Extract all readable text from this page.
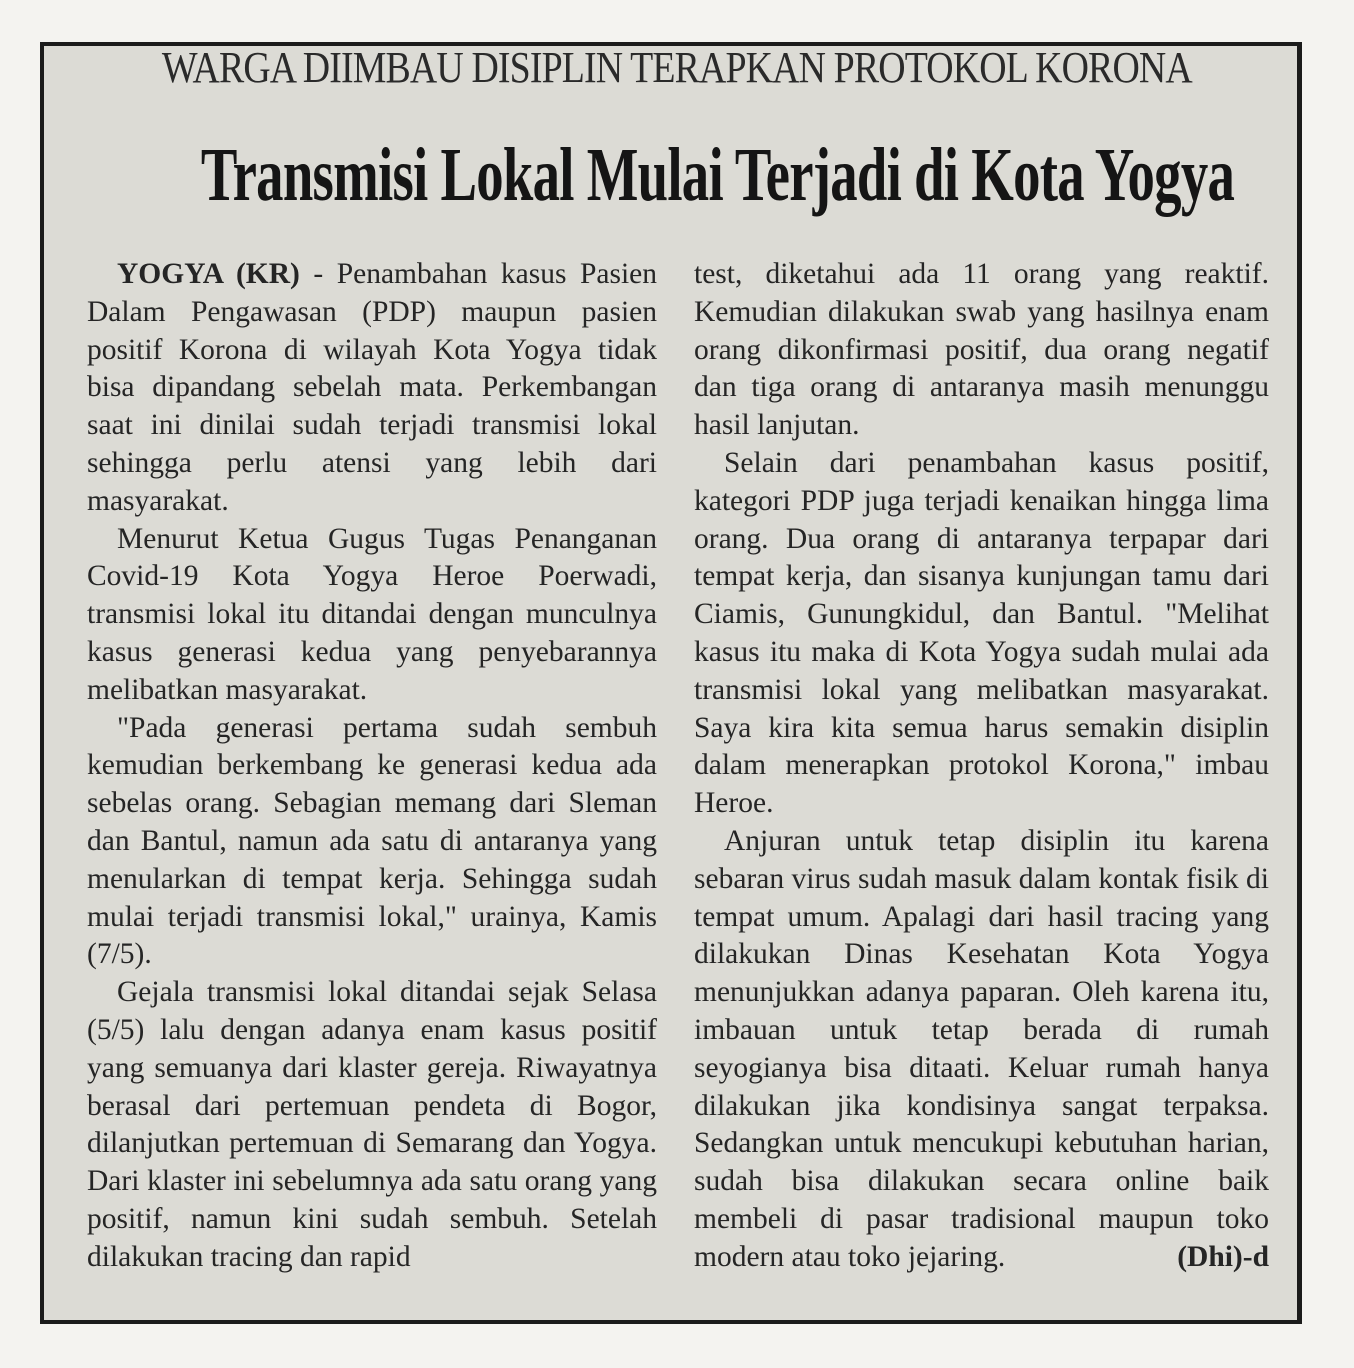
WARGA DIIMBAU DISIPLIN TERAPKAN PROTOKOL KORONA
Transmisi Lokal Mulai Terjadi di Kota Yogya

YOGYA (KR) - Penambahan kasus Pasien Dalam Pengawasan (PDP) maupun pasien positif Korona di wilayah Kota Yogya tidak bisa dipandang sebelah mata. Perkembangan saat ini dinilai sudah terjadi transmisi lokal sehingga perlu atensi yang lebih dari masyarakat.

Menurut Ketua Gugus Tugas Penanganan Covid-19 Kota Yogya Heroe Poerwadi, transmisi lokal itu ditandai dengan munculnya kasus generasi kedua yang penyebarannya melibatkan masyarakat.

"Pada generasi pertama sudah sembuh kemudian berkembang ke generasi kedua ada sebelas orang. Sebagian memang dari Sleman dan Bantul, namun ada satu di antaranya yang menularkan di tempat kerja. Sehingga sudah mulai terjadi transmisi lokal," urainya, Kamis (7/5).

Gejala transmisi lokal ditandai sejak Selasa (5/5) lalu dengan adanya enam kasus positif yang semuanya dari klaster gereja. Riwayatnya berasal dari pertemuan pendeta di Bogor, dilanjutkan pertemuan di Semarang dan Yogya. Dari klaster ini sebelumnya ada satu orang yang positif, namun kini sudah sembuh. Setelah dilakukan tracing dan rapid

test, diketahui ada 11 orang yang reaktif. Kemudian dilakukan swab yang hasilnya enam orang dikonfirmasi positif, dua orang negatif dan tiga orang di antaranya masih menunggu hasil lanjutan.

Selain dari penambahan kasus positif, kategori PDP juga terjadi kenaikan hingga lima orang. Dua orang di antaranya terpapar dari tempat kerja, dan sisanya kunjungan tamu dari Ciamis, Gunungkidul, dan Bantul. "Melihat kasus itu maka di Kota Yogya sudah mulai ada transmisi lokal yang melibatkan masyarakat. Saya kira kita semua harus semakin disiplin dalam menerapkan protokol Korona," imbau Heroe.

Anjuran untuk tetap disiplin itu karena sebaran virus sudah masuk dalam kontak fisik di tempat umum. Apalagi dari hasil tracing yang dilakukan Dinas Kesehatan Kota Yogya menunjukkan adanya paparan. Oleh karena itu, imbauan untuk tetap berada di rumah seyogianya bisa ditaati. Keluar rumah hanya dilakukan jika kondisinya sangat terpaksa. Sedangkan untuk mencukupi kebutuhan harian, sudah bisa dilakukan secara online baik membeli di pasar tradisional maupun toko modern atau toko jejaring.	(Dhi)-d
